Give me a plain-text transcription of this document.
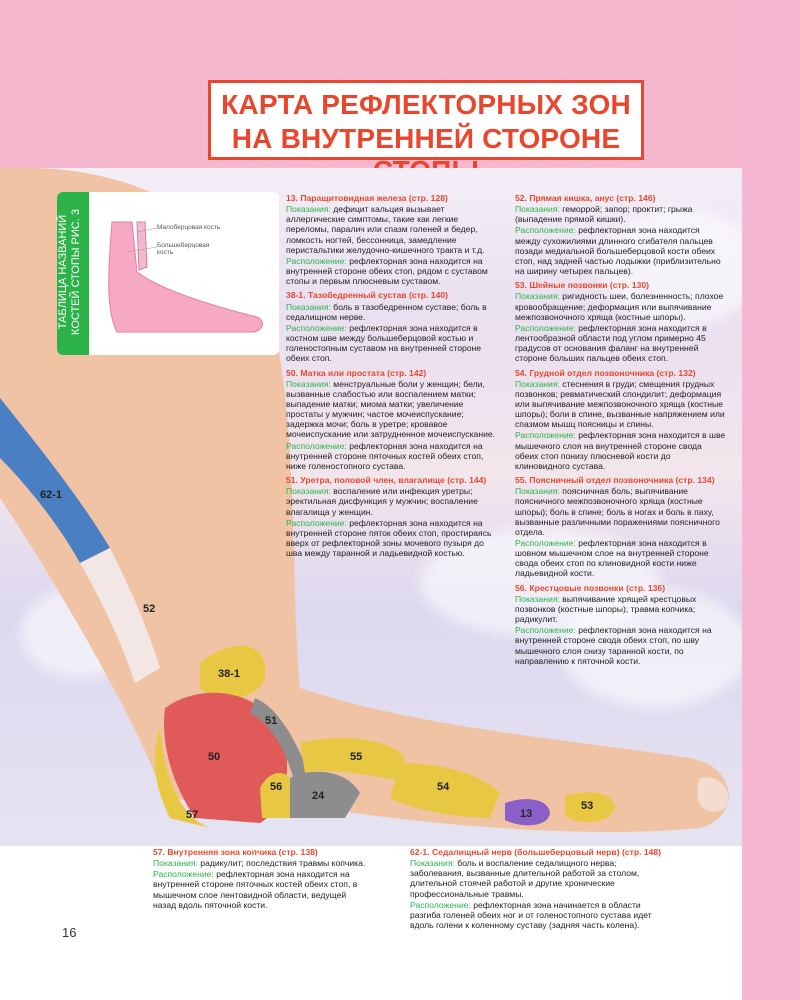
КАРТА РЕФЛЕКТОРНЫХ ЗОН
НА ВНУТРЕННЕЙ СТОРОНЕ
62-1
52
38-1
51
50	55
56
24
54
57	13
53
Малоберцовая кость
Большеберцовая кость
ТАБЛИЦА НАЗВАНИЙ КОСТЕЙ СТОПЫ РИС. 3

13. Паращитовидная железа (стр. 128)

Показания: дефицит кальция вызывает аллергические симптомы, такие как легкие переломы, паралич или спазм голеней и бедер, ломкость ногтей, бессонница, замедление перистальтики желудочно-кишечного тракта и т.д.

Расположение: рефлекторная зона находится на внутренней стороне обеих стоп, рядом с суставом стопы и первым плюсневым суставом.

38-1. Тазобедренный сустав (стр. 140)

Показания: боль в тазобедренном суставе; боль в седалищном нерве.

Расположение: рефлекторная зона находится в костном шве между большеберцовой костью и голеностопным суставом на внутренней стороне обеих стоп.

50. Матка или простата (стр. 142)

Показания: менструальные боли у женщин; бели, вызванные слабостью или воспалением матки; выпадение матки; миома матки; увеличение простаты у мужчин; частое мочеиспускание; задержка мочи; боль в уретре; кровавое мочеиспускание или затрудненное мочеиспускание.

Расположение: рефлекторная зона находится на внутренней стороне пяточных костей обеих стоп, ниже голеностопного сустава.

51. Уретра, половой член, влагалище (стр. 144)

Показания: воспаление или инфекция уретры; эректильная дисфункция у мужчин; воспаление влагалища у женщин.

Расположение: рефлекторная зона находится на внутренней стороне пяток обеих стоп, простираясь вверх от рефлекторной зоны мочевого пузыря до шва между таранной и ладьевидной костью.

52. Прямая кишка, анус (стр. 146)

Показания: геморрой; запор; проктит; грыжа (выпадение прямой кишки).

Расположение: рефлекторная зона находится между сухожилиями длинного сгибателя пальцев позади медиальной большеберцовой кости обеих стоп, над задней частью лодыжки (приблизительно на ширину четырех пальцев).

53. Шейные позвонки (стр. 130)

Показания: ригидность шеи, болезненность; плохое кровообращение; деформация или выпячивание межпозвоночного хряща (костные шпоры).

Расположение: рефлекторная зона находится в лентообразной области под углом примерно 45 градусов от основания фаланг на внутренней стороне больших пальцев обеих стоп.

54. Грудной отдел позвоночника (стр. 132)

Показания: стеснения в груди; смещения грудных позвонков; ревматический спондилит; деформация или выпячивание межпозвоночного хряща (костные шпоры); боли в спине, вызванные напряжением или спазмом мышц поясницы и спины.

Расположение: рефлекторная зона находится в шве мышечного слоя на внутренней стороне свода обеих стоп понизу плюсневой кости до клиновидного сустава.

55. Поясничный отдел позвоночника (стр. 134)

Показания: поясничная боль; выпячивание поясничного межпозвоночного хряща (костные шпоры); боль в спине; боль в ногах и боль в паху, вызванные различными поражениями поясничного отдела.

Расположение: рефлекторная зона находится в шовном мышечном слое на внутренней стороне свода обеих стоп по клиновидной кости ниже ладьевидной кости.

56. Крестцовые позвонки (стр. 136)

Показания: выпячивание хрящей крестцовых позвонков (костные шпоры); травма копчика; радикулит.

Расположение: рефлекторная зона находится на внутренней стороне свода обеих стоп, по шву мышечного слоя снизу таранной кости, по направлению к пяточной кости.

57. Внутренняя зона копчика (стр. 138)

Показания: радикулит; последствия травмы копчика.

Расположение: рефлекторная зона находится на внутренней стороне пяточных костей обеих стоп, в мышечном слое лентовидной области, ведущей назад вдоль пяточной кости.

62-1. Седалищный нерв (большеберцовый нерв) (стр. 148)

Показания: боль и воспаление седалищного нерва; заболевания, вызванные длительной работой за столом, длительной стоячей работой и другие хронические профессиональные травмы.

Расположение: рефлекторная зона начинается в области разгиба голеней обеих ног и от голеностопного сустава идет вдоль голени к коленному суставу (задняя часть колена).

16
